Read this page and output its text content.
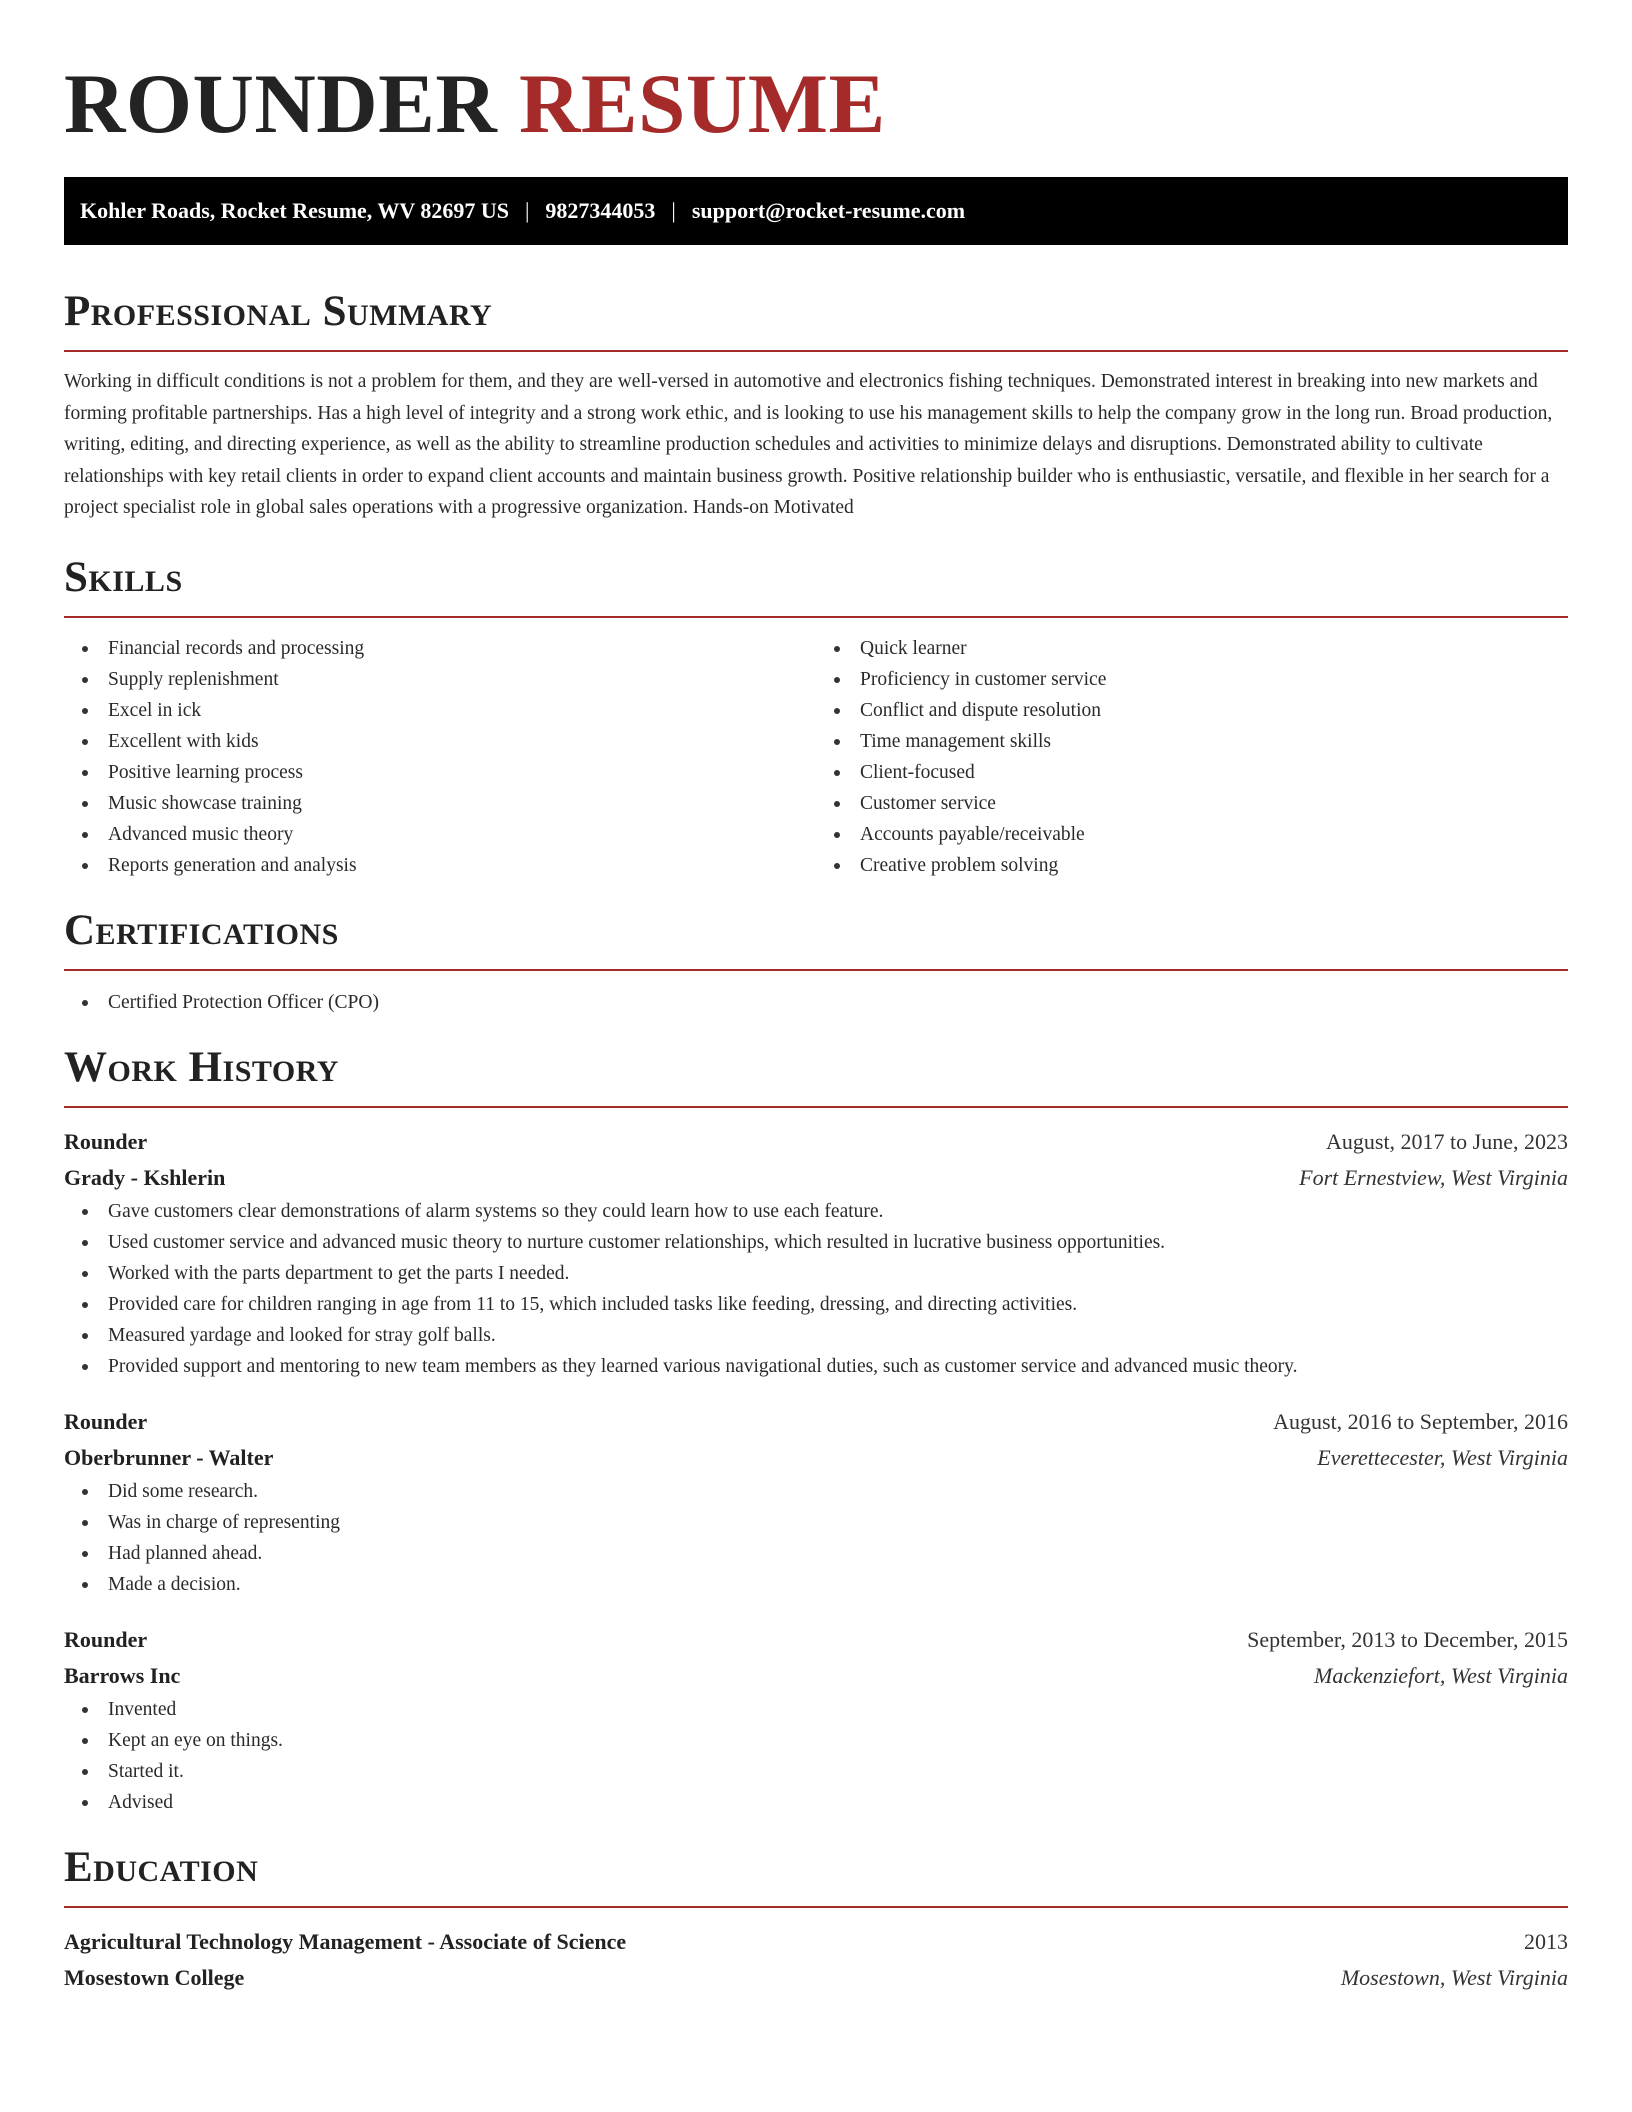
ROUNDER RESUME
Kohler Roads, Rocket Resume, WV 82697 US | 9827344053 | support@rocket-resume.com
Professional Summary

Working in difficult conditions is not a problem for them, and they are well-versed in automotive and electronics fishing techniques. Demonstrated interest in breaking into new markets and forming profitable partnerships. Has a high level of integrity and a strong work ethic, and is looking to use his management skills to help the company grow in the long run. Broad production, writing, editing, and directing experience, as well as the ability to streamline production schedules and activities to minimize delays and disruptions. Demonstrated ability to cultivate relationships with key retail clients in order to expand client accounts and maintain business growth. Positive relationship builder who is enthusiastic, versatile, and flexible in her search for a project specialist role in global sales operations with a progressive organization. Hands-on Motivated

Skills
Financial records and processing
Supply replenishment
Excel in ick
Excellent with kids
Positive learning process
Music showcase training
Advanced music theory
Reports generation and analysis
Quick learner
Proficiency in customer service
Conflict and dispute resolution
Time management skills
Client-focused
Customer service
Accounts payable/receivable
Creative problem solving
Certifications
Certified Protection Officer (CPO)
Work History
Rounder	August, 2017 to June, 2023
Grady - Kshlerin	Fort Ernestview, West Virginia
Gave customers clear demonstrations of alarm systems so they could learn how to use each feature.
Used customer service and advanced music theory to nurture customer relationships, which resulted in lucrative business opportunities.
Worked with the parts department to get the parts I needed.
Provided care for children ranging in age from 11 to 15, which included tasks like feeding, dressing, and directing activities.
Measured yardage and looked for stray golf balls.
Provided support and mentoring to new team members as they learned various navigational duties, such as customer service and advanced music theory.
Rounder	August, 2016 to September, 2016
Oberbrunner - Walter	Everettecester, West Virginia
Did some research.
Was in charge of representing
Had planned ahead.
Made a decision.
Rounder	September, 2013 to December, 2015
Barrows Inc	Mackenziefort, West Virginia
Invented
Kept an eye on things.
Started it.
Advised
Education
Agricultural Technology Management - Associate of Science	2013
Mosestown College	Mosestown, West Virginia
